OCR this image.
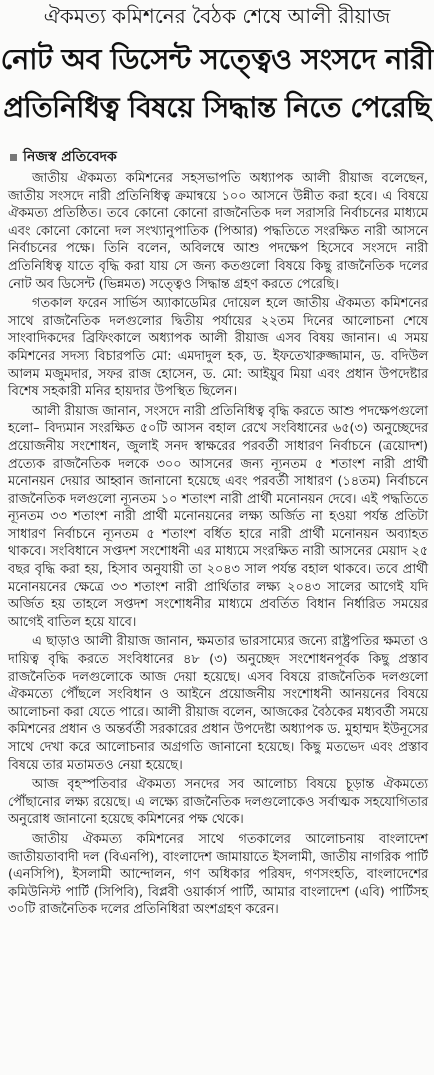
ঐকমত্য কমিশনের বৈঠক শেষে আলী রীয়াজ
নোট অব ডিসেন্ট সত্ত্বেও সংসদে নারী
প্রতিনিধিত্ব বিষয়ে সিদ্ধান্ত নিতে পেরেছি
নিজস্ব প্রতিবেদক

জাতীয় ঐকমত্য কমিশনের সহসভাপতি অধ্যাপক আলী রীয়াজ বলেছেন, জাতীয় সংসদে নারী প্রতিনিধিত্ব ক্রমান্বয়ে ১০০ আসনে উন্নীত করা হবে। এ বিষয়ে ঐকমত্য প্রতিষ্ঠিত। তবে কোনো কোনো রাজনৈতিক দল সরাসরি নির্বাচনের মাধ্যমে এবং কোনো কোনো দল সংখ্যানুপাতিক (পিআর) পদ্ধতিতে সংরক্ষিত নারী আসনে নির্বাচনের পক্ষে। তিনি বলেন, অবিলম্বে আশু পদক্ষেপ হিসেবে সংসদে নারী প্রতিনিধিত্ব যাতে বৃদ্ধি করা যায় সে জন্য কতগুলো বিষয়ে কিছু রাজনৈতিক দলের নোট অব ডিসেন্ট (ভিন্নমত) সত্ত্বেও সিদ্ধান্ত গ্রহণ করতে পেরেছি।

গতকাল ফরেন সার্ভিস অ্যাকাডেমির দোয়েল হলে জাতীয় ঐকমত্য কমিশনের সাথে রাজনৈতিক দলগুলোর দ্বিতীয় পর্যায়ের ২২তম দিনের আলোচনা শেষে সাংবাদিকদের ব্রিফিংকালে অধ্যাপক আলী রীয়াজ এসব বিষয় জানান। এ সময় কমিশনের সদস্য বিচারপতি মো: এমদাদুল হক, ড. ইফতেখারুজ্জামান, ড. বদিউল আলম মজুমদার, সফর রাজ হোসেন, ড. মো: আইয়ুব মিয়া এবং প্রধান উপদেষ্টার বিশেষ সহকারী মনির হায়দার উপস্থিত ছিলেন।

আলী রীয়াজ জানান, সংসদে নারী প্রতিনিধিত্ব বৃদ্ধি করতে আশু পদক্ষেপগুলো হলো– বিদ্যমান সংরক্ষিত ৫০টি আসন বহাল রেখে সংবিধানের ৬৫(৩) অনুচ্ছেদের প্রয়োজনীয় সংশোধন, জুলাই সনদ স্বাক্ষরের পরবর্তী সাধারণ নির্বাচনে (ত্রয়োদশ) প্রত্যেক রাজনৈতিক দলকে ৩০০ আসনের জন্য ন্যূনতম ৫ শতাংশ নারী প্রার্থী মনোনয়ন দেয়ার আহ্বান জানানো হয়েছে এবং পরবর্তী সাধারণ (১৪তম) নির্বাচনে রাজনৈতিক দলগুলো ন্যূনতম ১০ শতাংশ নারী প্রার্থী মনোনয়ন দেবে। এই পদ্ধতিতে ন্যূনতম ৩৩ শতাংশ নারী প্রার্থী মনোনয়নের লক্ষ্য অর্জিত না হওয়া পর্যন্ত প্রতিটা সাধারণ নির্বাচনে ন্যূনতম ৫ শতাংশ বর্ধিত হারে নারী প্রার্থী মনোনয়ন অব্যাহত থাকবে। সংবিধানে সপ্তদশ সংশোধনী এর মাধ্যমে সংরক্ষিত নারী আসনের মেয়াদ ২৫ বছর বৃদ্ধি করা হয়, হিসাব অনুযায়ী তা ২০৪৩ সাল পর্যন্ত বহাল থাকবে। তবে প্রার্থী মনোনয়নের ক্ষেত্রে ৩৩ শতাংশ নারী প্রার্থিতার লক্ষ্য ২০৪৩ সালের আগেই যদি অর্জিত হয় তাহলে সপ্তদশ সংশোধনীর মাধ্যমে প্রবর্তিত বিধান নির্ধারিত সময়ের আগেই বাতিল হয়ে যাবে।

এ ছাড়াও আলী রীয়াজ জানান, ক্ষমতার ভারসাম্যের জন্যে রাষ্ট্রপতির ক্ষমতা ও দায়িত্ব বৃদ্ধি করতে সংবিধানের ৪৮ (৩) অনুচ্ছেদ সংশোধনপূর্বক কিছু প্রস্তাব রাজনৈতিক দলগুলোকে আজ দেয়া হয়েছে। এসব বিষয়ে রাজনৈতিক দলগুলো ঐকমত্যে পৌঁছলে সংবিধান ও আইনে প্রয়োজনীয় সংশোধনী আনয়নের বিষয়ে আলোচনা করা যেতে পারে। আলী রীয়াজ বলেন, আজকের বৈঠকের মধ্যবর্তী সময়ে কমিশনের প্রধান ও অন্তর্বর্তী সরকারের প্রধান উপদেষ্টা অধ্যাপক ড. মুহাম্মদ ইউনূসের সাথে দেখা করে আলোচনার অগ্রগতি জানানো হয়েছে। কিছু মতভেদ এবং প্রস্তাব বিষয়ে তার মতামতও নেয়া হয়েছে।

আজ বৃহস্পতিবার ঐকমত্য সনদের সব আলোচ্য বিষয়ে চূড়ান্ত ঐকমত্যে পৌঁছানোর লক্ষ্য রয়েছে। এ লক্ষ্যে রাজনৈতিক দলগুলোকেও সর্বাত্মক সহযোগিতার অনুরোধ জানানো হয়েছে কমিশনের পক্ষ থেকে।

জাতীয় ঐকমত্য কমিশনের সাথে গতকালের আলোচনায় বাংলাদেশ জাতীয়তাবাদী দল (বিএনপি), বাংলাদেশ জামায়াতে ইসলামী, জাতীয় নাগরিক পার্টি (এনসিপি), ইসলামী আন্দোলন, গণ অধিকার পরিষদ, গণসংহতি, বাংলাদেশের কমিউনিস্ট পার্টি (সিপিবি), বিপ্লবী ওয়ার্কার্স পার্টি, আমার বাংলাদেশ (এবি) পার্টিসহ ৩০টি রাজনৈতিক দলের প্রতিনিধিরা অংশগ্রহণ করেন।
